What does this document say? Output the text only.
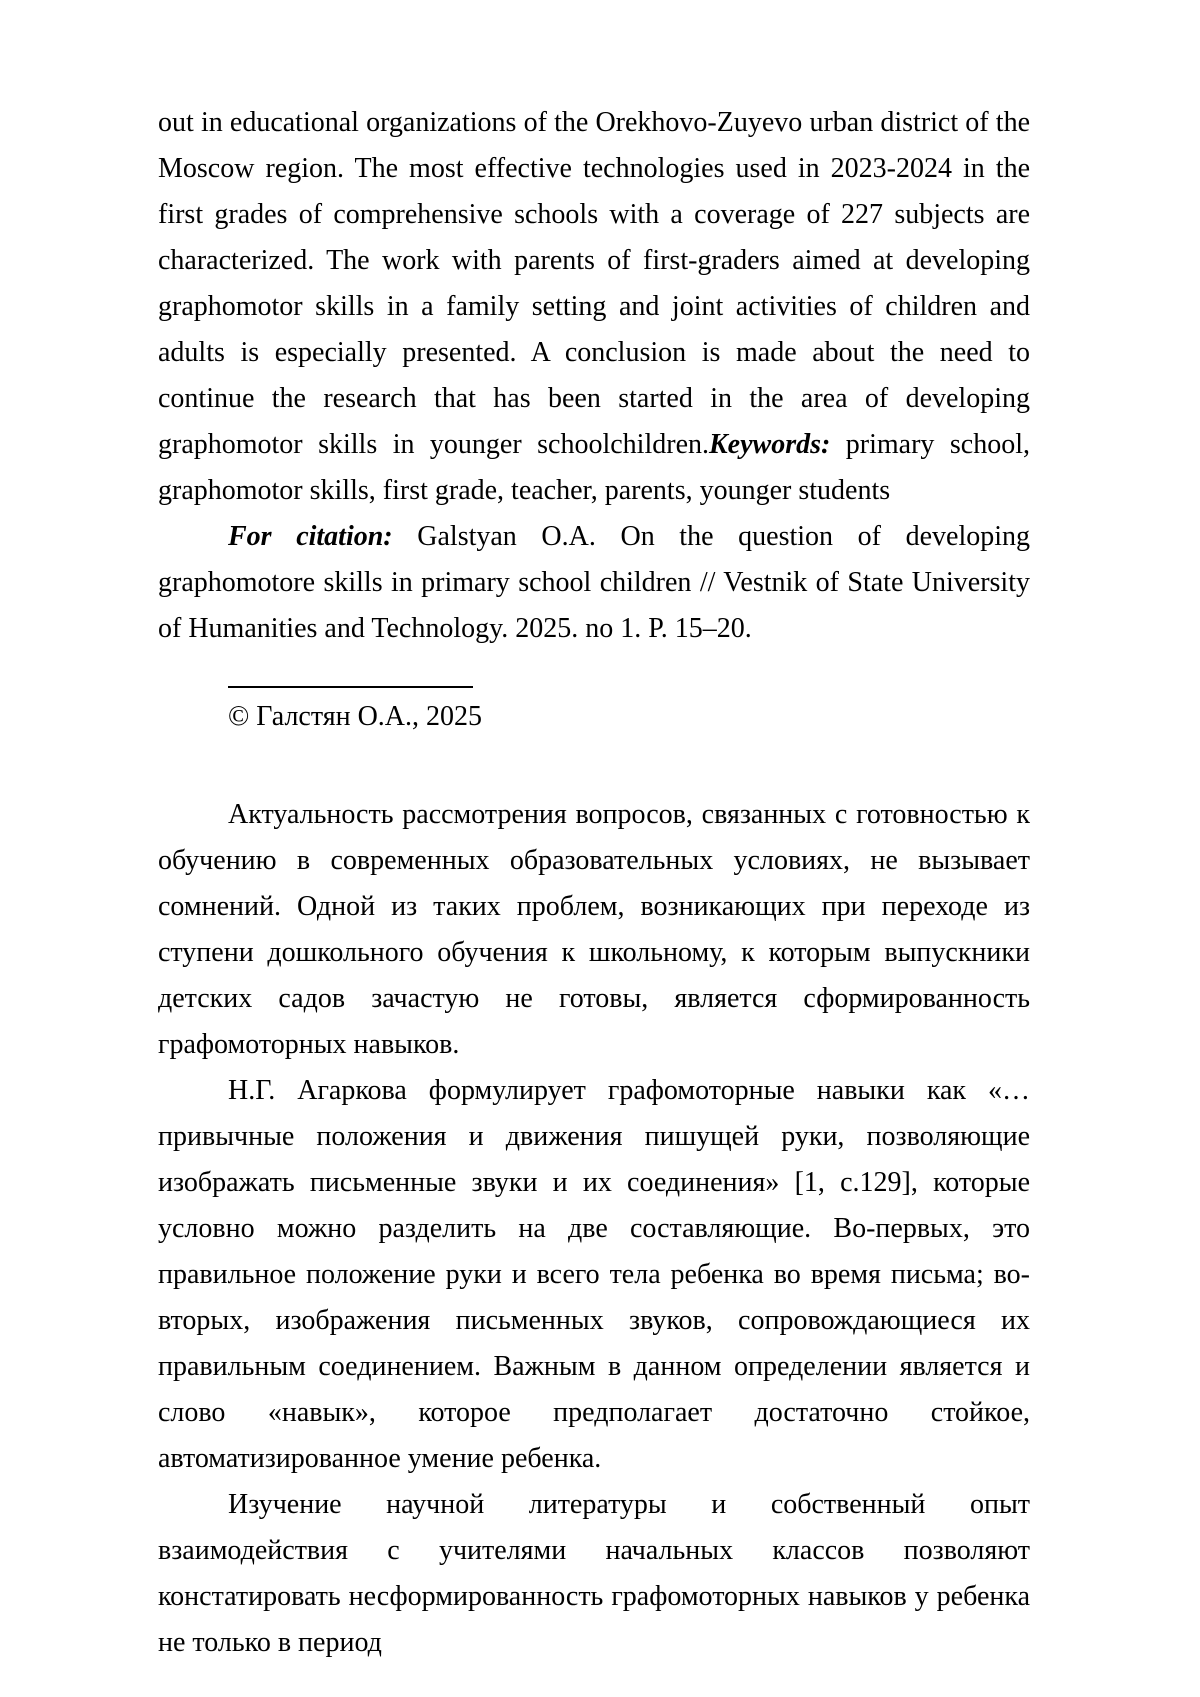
out in educational organizations of the Orekhovo-Zuyevo urban district of the Moscow region. The most effective technologies used in 2023-2024 in the first grades of comprehensive schools with a coverage of 227 subjects are characterized. The work with parents of first-graders aimed at developing graphomotor skills in a family setting and joint activities of children and adults is especially presented. A conclusion is made about the need to continue the research that has been started in the area of developing graphomotor skills in younger schoolchildren.Keywords: primary school, graphomotor skills, first grade, teacher, parents, younger students

For citation: Galstyan O.A. On the question of developing graphomotore skills in primary school children // Vestnik of State University of Humanities and Technology. 2025. no 1. P. 15–20.

© Галстян О.А., 2025

Актуальность рассмотрения вопросов, связанных с готовностью к обучению в современных образовательных условиях, не вызывает сомнений. Одной из таких проблем, возникающих при переходе из ступени дошкольного обучения к школьному, к которым выпускники детских садов зачастую не готовы, является сформированность графомоторных навыков.

Н.Г. Агаркова формулирует графомоторные навыки как «…привычные положения и движения пишущей руки, позволяющие изображать письменные звуки и их соединения» [1, с.129], которые условно можно разделить на две составляющие. Во-первых, это правильное положение руки и всего тела ребенка во время письма; во-вторых, изображения письменных звуков, сопровождающиеся их правильным соединением. Важным в данном определении является и слово «навык», которое предполагает достаточно стойкое, автоматизированное умение ребенка.

Изучение научной литературы и собственный опыт взаимодействия с учителями начальных классов позволяют констатировать несформированность графомоторных навыков у ребенка не только в период
